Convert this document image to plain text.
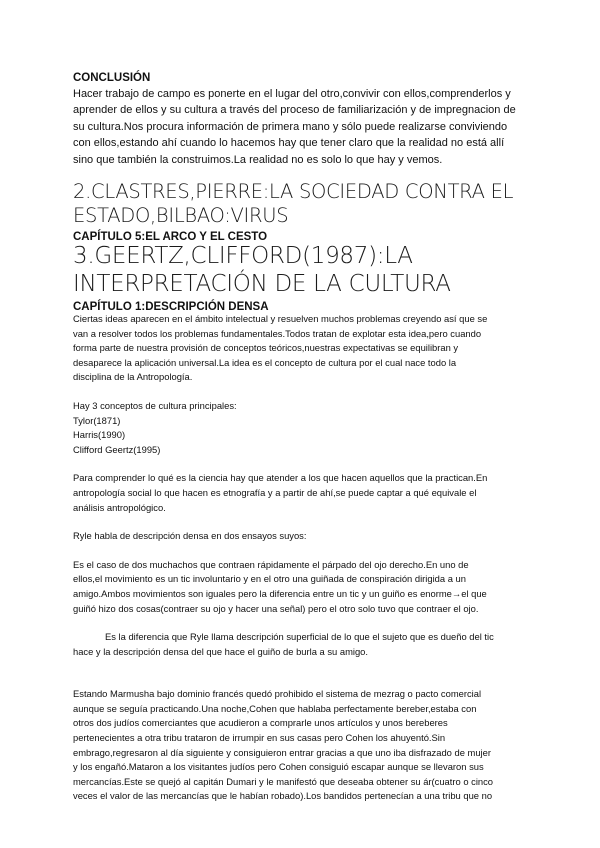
CONCLUSIÓN

Hacer trabajo de campo es ponerte en el lugar del otro,convivir con ellos,comprenderlos y
aprender de ellos y su cultura a través del proceso de familiarización y de impregnacion de
su cultura.Nos procura información de primera mano y sólo puede realizarse conviviendo
con ellos,estando ahí cuando lo hacemos hay que tener claro que la realidad no está allí
sino que también la construimos.La realidad no es solo lo que hay y vemos.

2.CLASTRES,PIERRE:LA SOCIEDAD CONTRA EL
ESTADO,BILBAO:VIRUS

CAPÍTULO 5:EL ARCO Y EL CESTO

3.GEERTZ,CLIFFORD(1987):LA
INTERPRETACIÓN DE LA CULTURA

CAPÍTULO 1:DESCRIPCIÓN DENSA

Ciertas ideas aparecen en el ámbito intelectual y resuelven muchos problemas creyendo así que se
van a resolver todos los problemas fundamentales.Todos tratan de explotar esta idea,pero cuando
forma parte de nuestra provisión de conceptos teóricos,nuestras expectativas se equilibran y
desaparece la aplicación universal.La idea es el concepto de cultura por el cual nace todo la
disciplina de la Antropología.

Hay 3 conceptos de cultura principales:
Tylor(1871)
Harris(1990)
Clifford Geertz(1995)

Para comprender lo qué es la ciencia hay que atender a los que hacen aquellos que la practican.En
antropología social lo que hacen es etnografía y a partir de ahí,se puede captar a qué equivale el
análisis antropológico.

Ryle habla de descripción densa en dos ensayos suyos:

Es el caso de dos muchachos que contraen rápidamente el párpado del ojo derecho.En uno de
ellos,el movimiento es un tic involuntario y en el otro una guiñada de conspiración dirigida a un
amigo.Ambos movimientos son iguales pero la diferencia entre un tic y un guiño es enorme→el que
guiñó hizo dos cosas(contraer su ojo y hacer una señal) pero el otro solo tuvo que contraer el ojo.

Es la diferencia que Ryle llama descripción superficial de lo que el sujeto que es dueño del tic
hace y la descripción densa del que hace el guiño de burla a su amigo.

Estando Marmusha bajo dominio francés quedó prohibido el sistema de mezrag o pacto comercial
aunque se seguía practicando.Una noche,Cohen que hablaba perfectamente bereber,estaba con
otros dos judíos comerciantes que acudieron a comprarle unos artículos y unos bereberes
pertenecientes a otra tribu trataron de irrumpir en sus casas pero Cohen los ahuyentó.Sin
embrago,regresaron al día siguiente y consiguieron entrar gracias a que uno iba disfrazado de mujer
y los engañó.Mataron a los visitantes judíos pero Cohen consiguió escapar aunque se llevaron sus
mercancías.Este se quejó al capitán Dumari y le manifestó que deseaba obtener su ár(cuatro o cinco
veces el valor de las mercancías que le habían robado).Los bandidos pertenecían a una tribu que no
